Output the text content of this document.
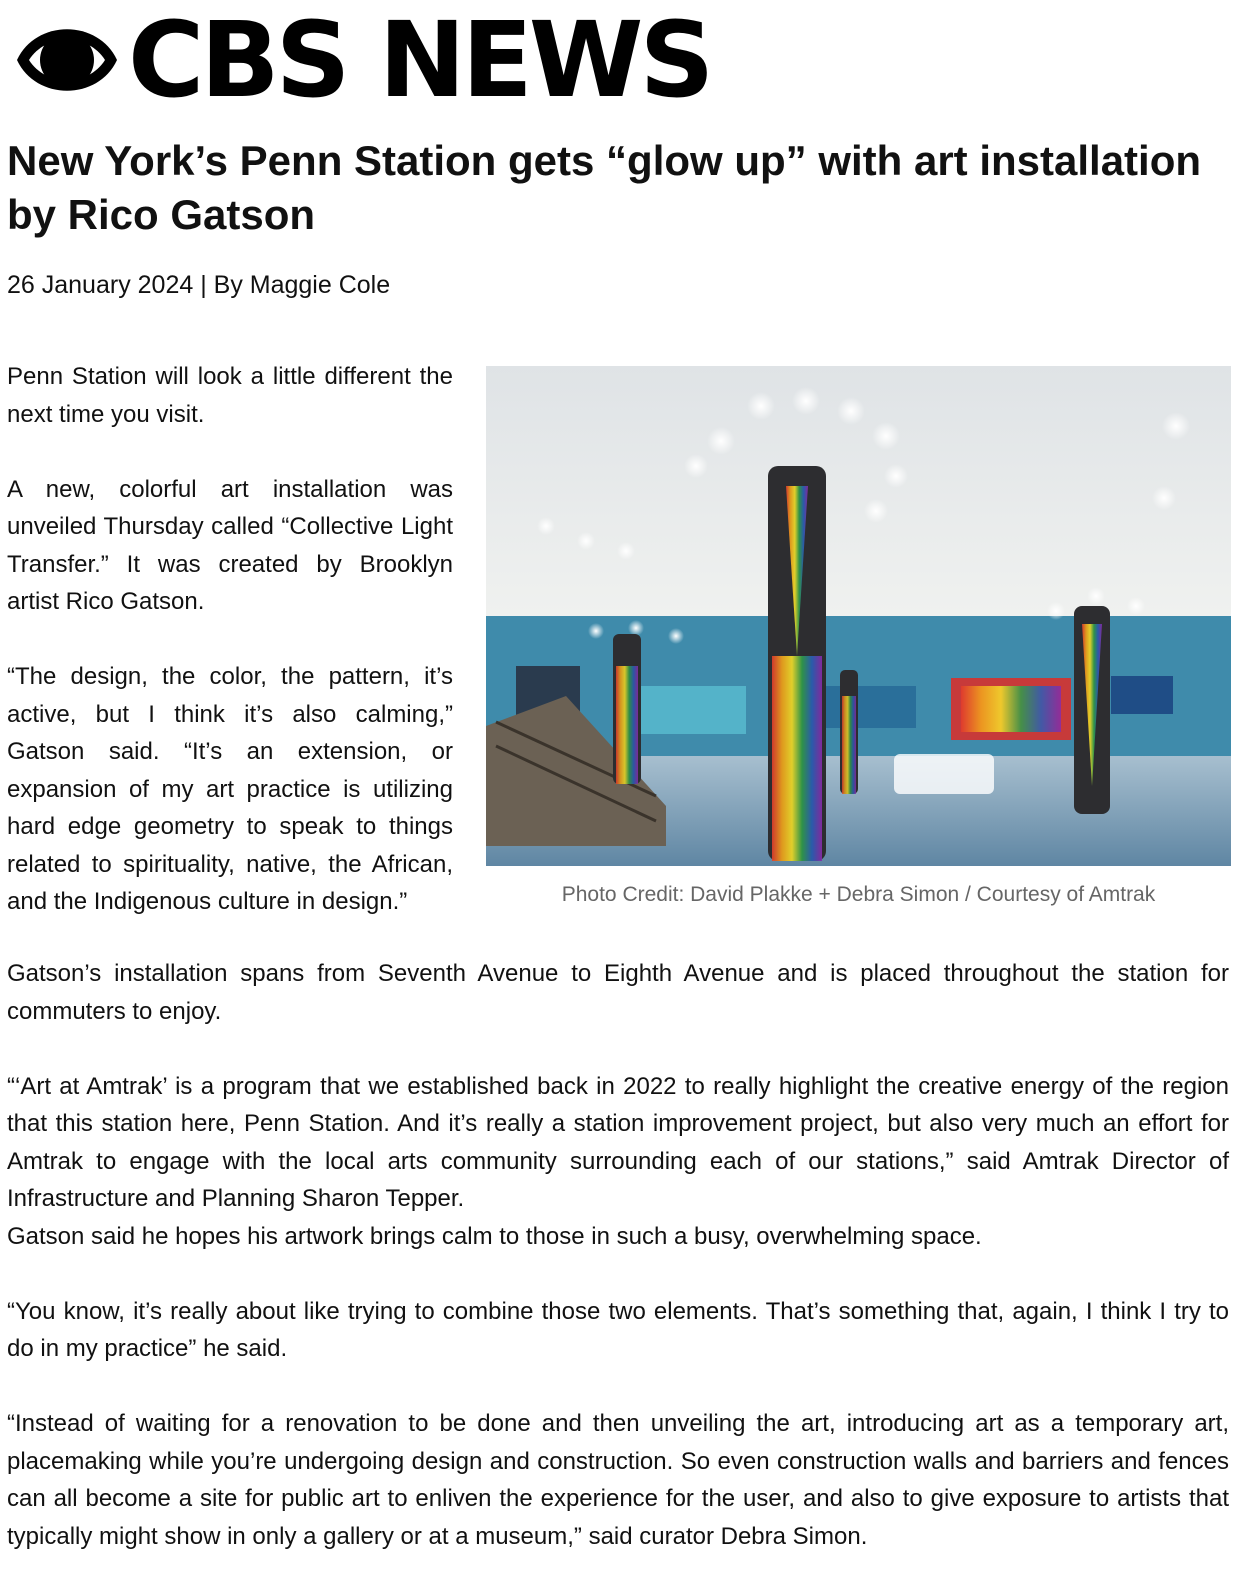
CBS NEWS
New York’s Penn Station gets “glow up” with art installation by Rico Gatson
26 January 2024 | By Maggie Cole

Penn Station will look a little different the next time you visit.

A new, colorful art installation was unveiled Thursday called “Collective Light Transfer.” It was created by Brooklyn artist Rico Gatson.

“The design, the color, the pattern, it’s active, but I think it’s also calming,” Gatson said. “It’s an extension, or expansion of my art practice is utilizing hard edge geometry to speak to things related to spirituality, native, the African, and the Indigenous culture in design.”	Photo Credit: David Plakke + Debra Simon / Courtesy of Amtrak

Gatson’s installation spans from Seventh Avenue to Eighth Avenue and is placed throughout the station for commuters to enjoy.

“‘Art at Amtrak’ is a program that we established back in 2022 to really highlight the creative energy of the region that this station here, Penn Station. And it’s really a station improvement project, but also very much an effort for Amtrak to engage with the local arts community surrounding each of our stations,” said Amtrak Director of Infrastructure and Planning Sharon Tepper.

Gatson said he hopes his artwork brings calm to those in such a busy, overwhelming space.

“You know, it’s really about like trying to combine those two elements. That’s something that, again, I think I try to do in my practice” he said.

“Instead of waiting for a renovation to be done and then unveiling the art, introducing art as a temporary art, placemaking while you’re undergoing design and construction. So even construction walls and barriers and fences can all become a site for public art to enliven the experience for the user, and also to give exposure to artists that typically might show in only a gallery or at a museum,” said curator Debra Simon.
